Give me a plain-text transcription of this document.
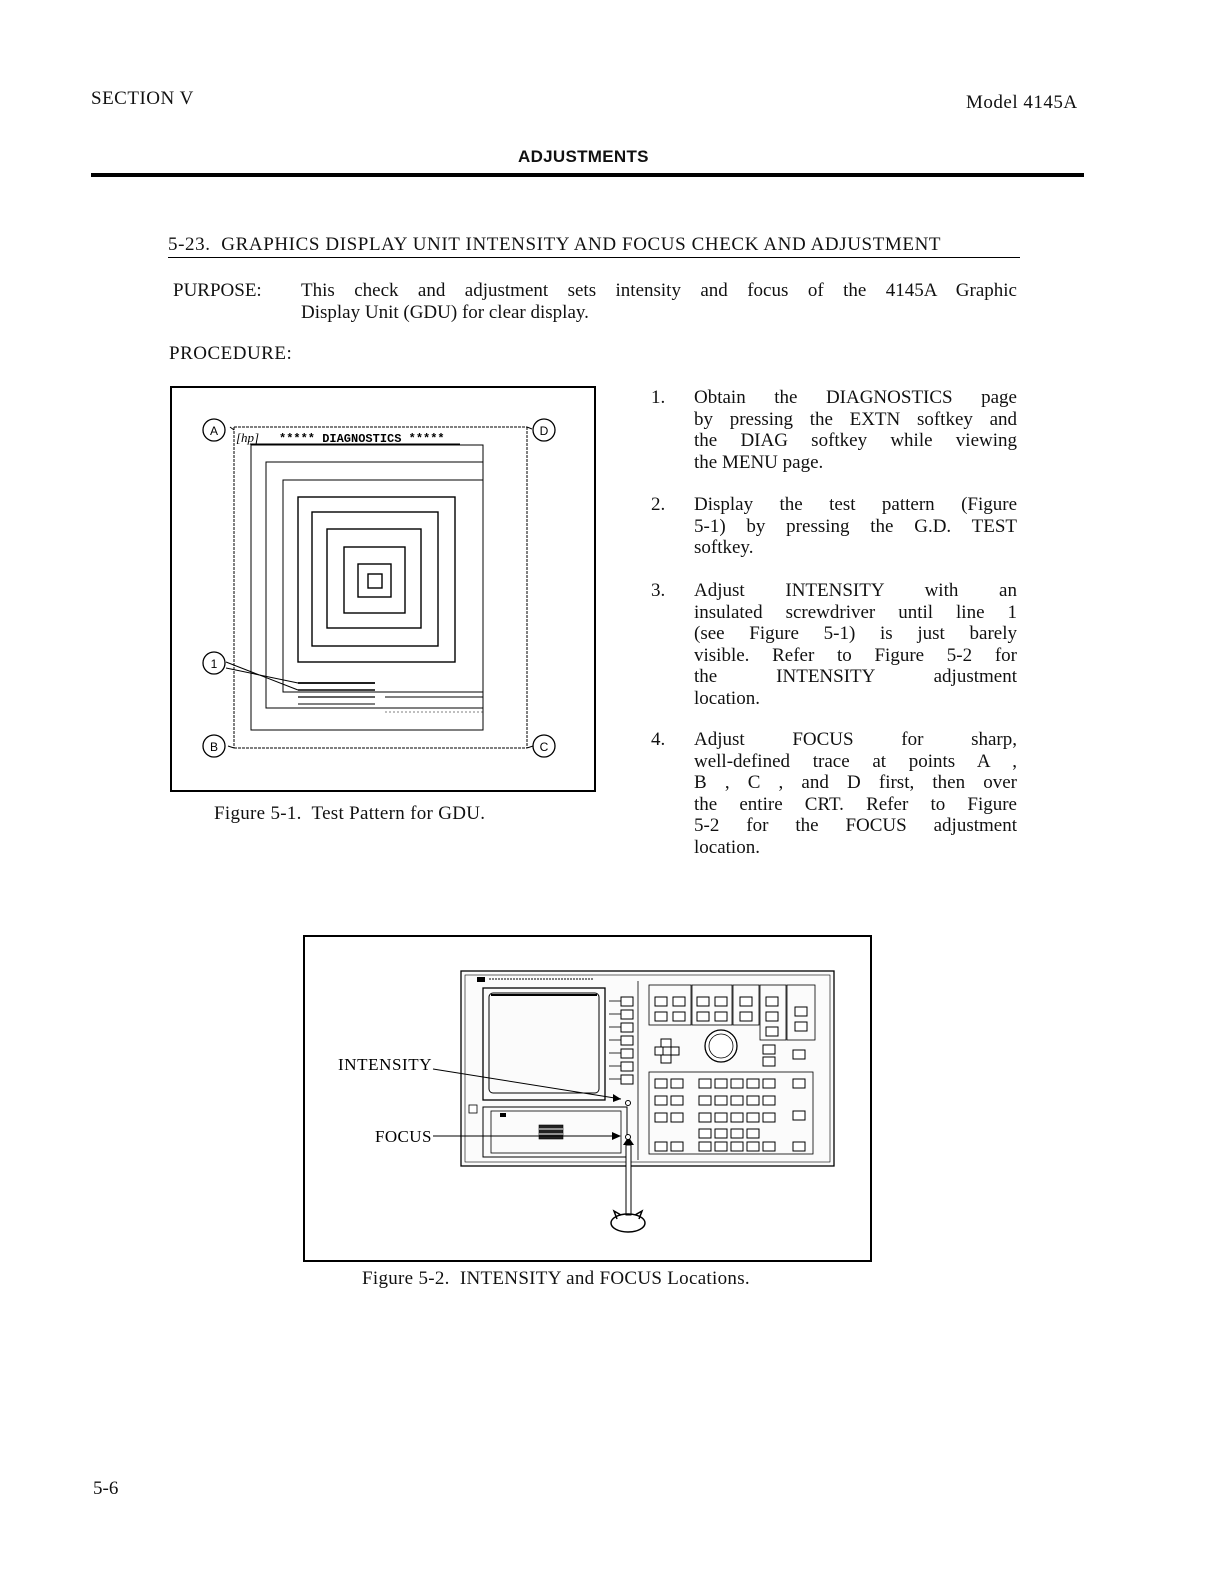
SECTION V	Model 4145A
ADJUSTMENTS
5-23.  GRAPHICS DISPLAY UNIT INTENSITY AND FOCUS CHECK AND ADJUSTMENT
PURPOSE: This check and adjustment sets intensity and focus of the 4145A Graphic
Display Unit (GDU) for clear display.
PROCEDURE:
A
B	C
D
1
[hp] ***** DIAGNOSTICS *****
Figure 5-1.  Test Pattern for GDU.
1. Obtain the DIAGNOSTICS page
by pressing the EXTN softkey and
the DIAG softkey while viewing
the MENU page.
2. Display the test pattern (Figure
5-1) by pressing the G.D. TEST
softkey.
3. Adjust INTENSITY with an
insulated screwdriver until line 1
(see Figure 5-1) is just barely
visible. Refer to Figure 5-2 for
the INTENSITY adjustment
location.
4. Adjust FOCUS for sharp,
well-defined trace at points A ,
B , C , and D first, then over
the entire CRT. Refer to Figure
5-2 for the FOCUS adjustment
location.
INTENSITY
FOCUS
Figure 5-2.  INTENSITY and FOCUS Locations.
5-6
